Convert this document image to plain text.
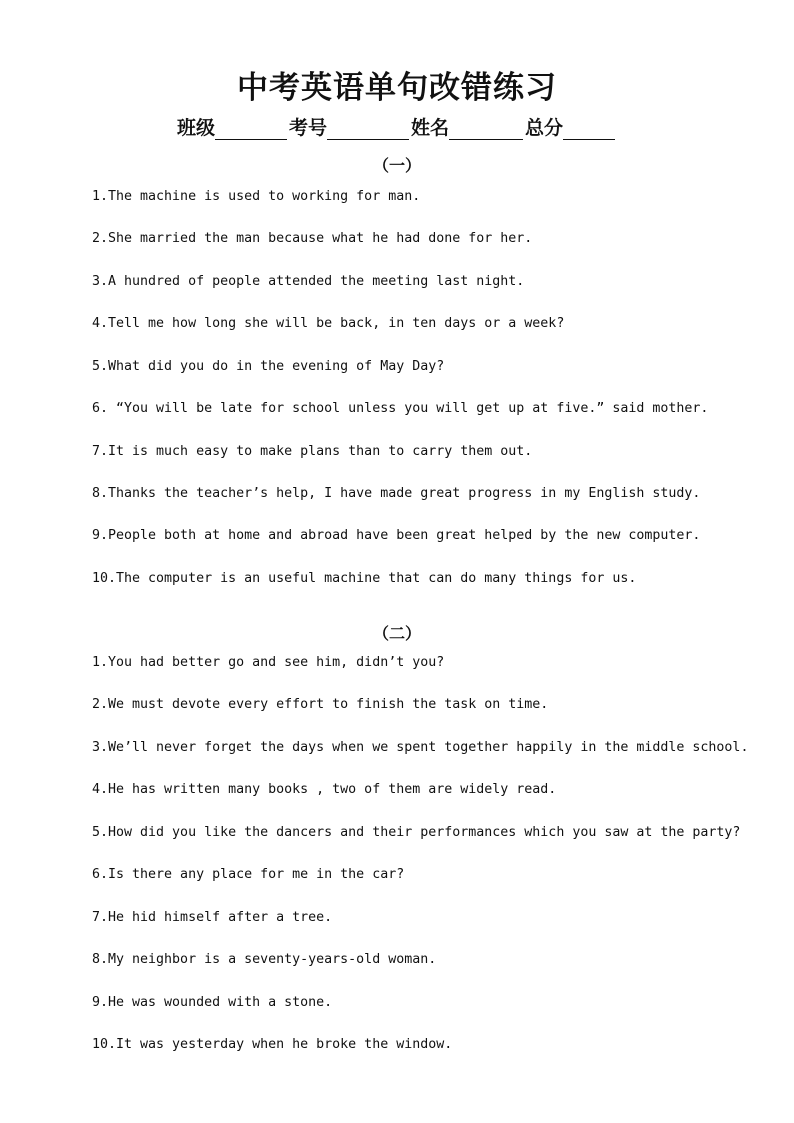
中考英语单句改错练习
班级	考号	姓名	总分
（一）
1.The machine is used to working for man.
2.She married the man because what he had done for her.
3.A hundred of people attended the meeting last night.
4.Tell me how long she will be back, in ten days or a week?
5.What did you do in the evening of May Day?
6. “You will be late for school unless you will get up at five.” said mother.
7.It is much easy to make plans than to carry them out.
8.Thanks the teacher’s help, I have made great progress in my English study.
9.People both at home and abroad have been great helped by the new computer.
10.The computer is an useful machine that can do many things for us.
（二）
1.You had better go and see him, didn’t you?
2.We must devote every effort to finish the task on time.
3.We’ll never forget the days when we spent together happily in the middle school.
4.He has written many books , two of them are widely read.
5.How did you like the dancers and their performances which you saw at the party?
6.Is there any place for me in the car?
7.He hid himself after a tree.
8.My neighbor is a seventy-years-old woman.
9.He was wounded with a stone.
10.It was yesterday when he broke the window.
